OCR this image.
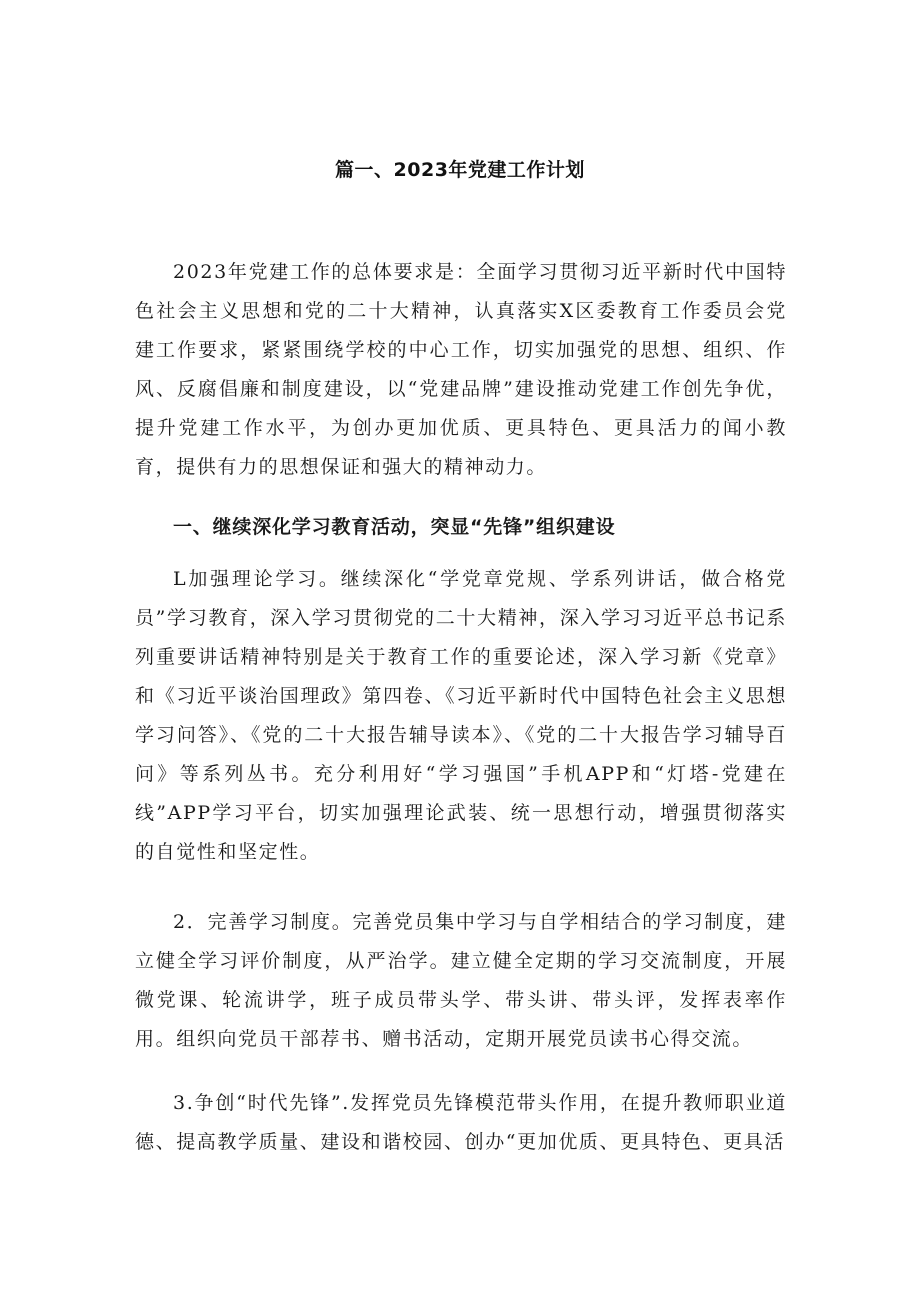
篇一、2023年党建工作计划

2023年党建工作的总体要求是：全面学习贯彻习近平新时代中国特色社会主义思想和党的二十大精神，认真落实X区委教育工作委员会党建工作要求，紧紧围绕学校的中心工作，切实加强党的思想、组织、作风、反腐倡廉和制度建设，以“党建品牌”建设推动党建工作创先争优，提升党建工作水平，为创办更加优质、更具特色、更具活力的闻小教育，提供有力的思想保证和强大的精神动力。

一、继续深化学习教育活动，突显“先锋”组织建设

L加强理论学习。继续深化“学党章党规、学系列讲话，做合格党员”学习教育，深入学习贯彻党的二十大精神，深入学习习近平总书记系列重要讲话精神特别是关于教育工作的重要论述，深入学习新《党章》和《习近平谈治国理政》第四卷、《习近平新时代中国特色社会主义思想学习问答》、《党的二十大报告辅导读本》、《党的二十大报告学习辅导百问》等系列丛书。充分利用好“学习强国”手机APP和“灯塔-党建在线”APP学习平台，切实加强理论武装、统一思想行动，增强贯彻落实的自觉性和坚定性。

2．完善学习制度。完善党员集中学习与自学相结合的学习制度，建立健全学习评价制度，从严治学。建立健全定期的学习交流制度，开展微党课、轮流讲学，班子成员带头学、带头讲、带头评，发挥表率作用。组织向党员干部荐书、赠书活动，定期开展党员读书心得交流。

3.争创“时代先锋”.发挥党员先锋模范带头作用，在提升教师职业道德、提高教学质量、建设和谐校园、创办“更加优质、更具特色、更具活
